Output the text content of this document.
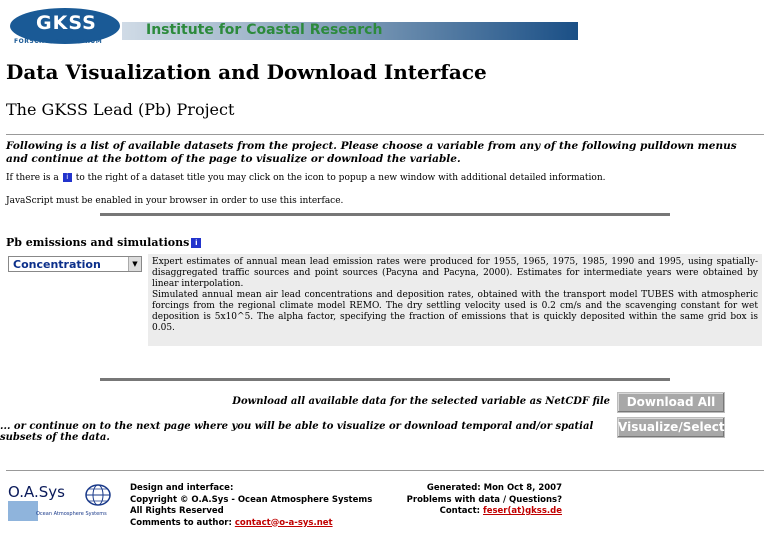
GKSS
FORSCHUNGSZENTRUM
Institute for Coastal Research
Data Visualization and Download Interface
The GKSS Lead (Pb) Project
Following is a list of available datasets from the project. Please choose a variable from any of the following pulldown menus and continue at the bottom of the page to visualize or download the variable.
If there is a i to the right of a dataset title you may click on the icon to popup a new window with additional detailed information.
JavaScript must be enabled in your browser in order to use this interface.
Pb emissions and simulations i
Concentration	▼	Expert estimates of annual mean lead emission rates were produced for 1955, 1965, 1975, 1985, 1990 and 1995, using spatially-disaggregated traffic sources and point sources (Pacyna and Pacyna, 2000). Estimates for intermediate years were obtained by linear interpolation.

Simulated annual mean air lead concentrations and deposition rates, obtained with the transport model TUBES with atmospheric forcings from the regional climate model REMO. The dry settling velocity used is 0.2 cm/s and the scavenging constant for wet deposition is 5x10^5. The alpha factor, specifying the fraction of emissions that is quickly deposited within the same grid box is 0.05.

Download all available data for the selected variable as NetCDF file	Download All
... or continue on to the next page where you will be able to visualize or download temporal and/or spatial subsets of the data.
Visualize/Select
O.A.Sys
Ocean Atmosphere Systems
Design and interface:
Copyright © O.A.Sys - Ocean Atmosphere Systems
All Rights Reserved
Comments to author: contact@o-a-sys.net
Generated: Mon Oct 8, 2007
Problems with data / Questions?
Contact: feser(at)gkss.de
